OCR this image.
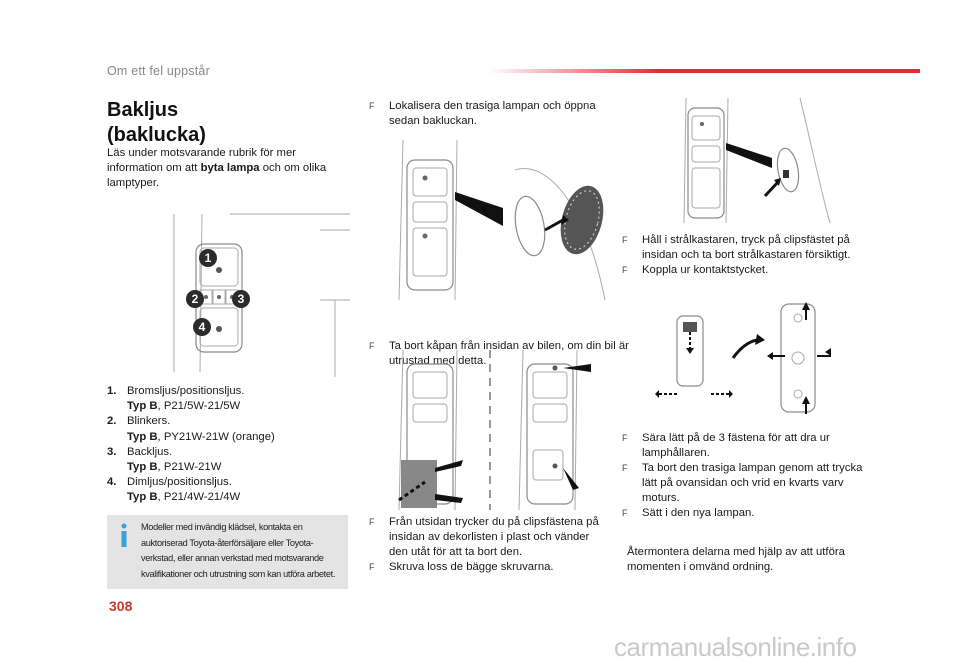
Om ett fel uppstår
Bakljus
(baklucka)
Läs under motsvarande rubrik för mer information om att byta lampa och om olika lamptyper.
1
2	3
4
1. Bromsljus/positionsljus.
Typ B, P21/5W-21/5W
2. Blinkers.
Typ B, PY21W-21W (orange)
3. Backljus.
Typ B, P21W-21W
4. Dimljus/positionsljus.
Typ B, P21/4W-21/4W
Modeller med invändig klädsel, kontakta en auktoriserad Toyota-återförsäljare eller Toyota-verkstad, eller annan verkstad med motsvarande kvalifikationer och utrustning som kan utföra arbetet.
F Lokalisera den trasiga lampan och öppna sedan bakluckan.
F Ta bort kåpan från insidan av bilen, om din bil är utrustad med detta.
F Från utsidan trycker du på clipsfästena på insidan av dekorlisten i plast och vänder den utåt för att ta bort den.
F Skruva loss de bägge skruvarna.
F Håll i strålkastaren, tryck på clipsfästet på insidan och ta bort strålkastaren försiktigt.
F Koppla ur kontaktstycket.
F Sära lätt på de 3 fästena för att dra ur lamphållaren.
F Ta bort den trasiga lampan genom att trycka lätt på ovansidan och vrid en kvarts varv moturs.
F Sätt i den nya lampan.
Återmontera delarna med hjälp av att utföra momenten i omvänd ordning.
308
carmanualsonline.info
